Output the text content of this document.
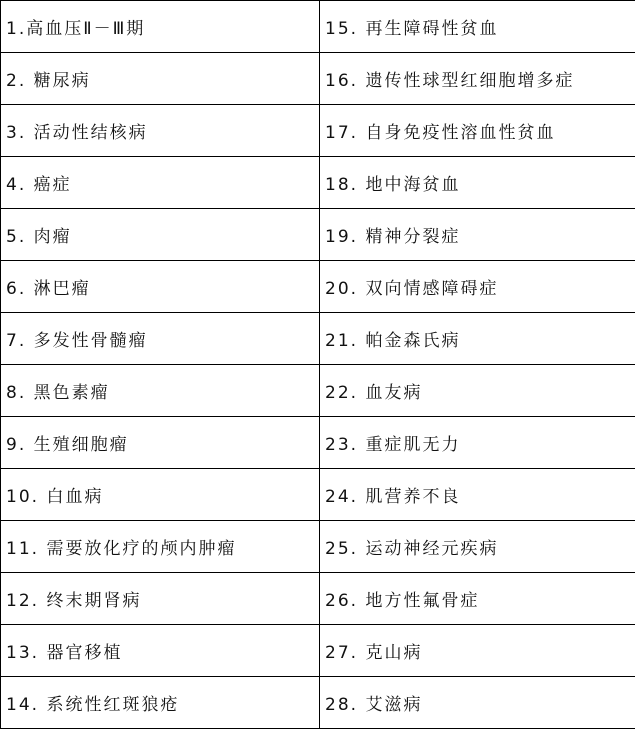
1.高血压Ⅱ－Ⅲ期	15. 再生障碍性贫血
2. 糖尿病	16. 遗传性球型红细胞增多症
3. 活动性结核病	17. 自身免疫性溶血性贫血
4. 癌症	18. 地中海贫血
5. 肉瘤	19. 精神分裂症
6. 淋巴瘤	20. 双向情感障碍症
7. 多发性骨髓瘤	21. 帕金森氏病
8. 黑色素瘤	22. 血友病
9. 生殖细胞瘤	23. 重症肌无力
10. 白血病	24. 肌营养不良
11. 需要放化疗的颅内肿瘤	25. 运动神经元疾病
12. 终末期肾病	26. 地方性氟骨症
13. 器官移植	27. 克山病
14. 系统性红斑狼疮	28. 艾滋病
